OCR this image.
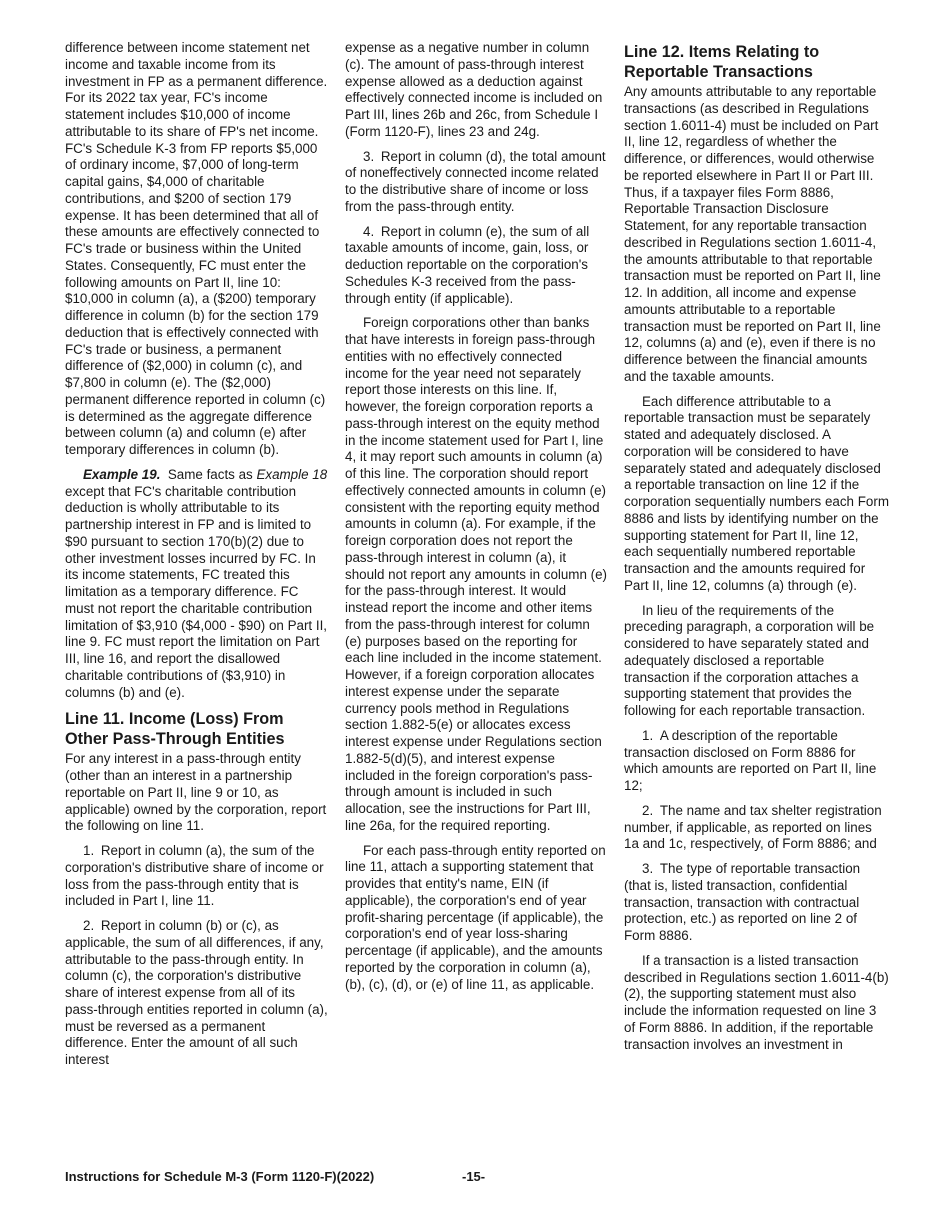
difference between income statement net income and taxable income from its investment in FP as a permanent difference. For its 2022 tax year, FC's income statement includes $10,000 of income attributable to its share of FP's net income. FC's Schedule K-3 from FP reports $5,000 of ordinary income, $7,000 of long-term capital gains, $4,000 of charitable contributions, and $200 of section 179 expense. It has been determined that all of these amounts are effectively connected to FC's trade or business within the United States. Consequently, FC must enter the following amounts on Part II, line 10: $10,000 in column (a), a ($200) temporary difference in column (b) for the section 179 deduction that is effectively connected with FC's trade or business, a permanent difference of ($2,000) in column (c), and $7,800 in column (e). The ($2,000) permanent difference reported in column (c) is determined as the aggregate difference between column (a) and column (e) after temporary differences in column (b).

Example 19. Same facts as Example 18 except that FC's charitable contribution deduction is wholly attributable to its partnership interest in FP and is limited to $90 pursuant to section 170(b)(2) due to other investment losses incurred by FC. In its income statements, FC treated this limitation as a temporary difference. FC must not report the charitable contribution limitation of $3,910 ($4,000 - $90) on Part II, line 9. FC must report the limitation on Part III, line 16, and report the disallowed charitable contributions of ($3,910) in columns (b) and (e).

Line 11. Income (Loss) From Other Pass-Through Entities

For any interest in a pass-through entity (other than an interest in a partnership reportable on Part II, line 9 or 10, as applicable) owned by the corporation, report the following on line 11.

1. Report in column (a), the sum of the corporation's distributive share of income or loss from the pass-through entity that is included in Part I, line 11.

2. Report in column (b) or (c), as applicable, the sum of all differences, if any, attributable to the pass-through entity. In column (c), the corporation's distributive share of interest expense from all of its pass-through entities reported in column (a), must be reversed as a permanent difference. Enter the amount of all such interest

expense as a negative number in column (c). The amount of pass-through interest expense allowed as a deduction against effectively connected income is included on Part III, lines 26b and 26c, from Schedule I (Form 1120-F), lines 23 and 24g.

3. Report in column (d), the total amount of noneffectively connected income related to the distributive share of income or loss from the pass-through entity.

4. Report in column (e), the sum of all taxable amounts of income, gain, loss, or deduction reportable on the corporation's Schedules K-3 received from the pass-through entity (if applicable).

Foreign corporations other than banks that have interests in foreign pass-through entities with no effectively connected income for the year need not separately report those interests on this line. If, however, the foreign corporation reports a pass-through interest on the equity method in the income statement used for Part I, line 4, it may report such amounts in column (a) of this line. The corporation should report effectively connected amounts in column (e) consistent with the reporting equity method amounts in column (a). For example, if the foreign corporation does not report the pass-through interest in column (a), it should not report any amounts in column (e) for the pass-through interest. It would instead report the income and other items from the pass-through interest for column (e) purposes based on the reporting for each line included in the income statement. However, if a foreign corporation allocates interest expense under the separate currency pools method in Regulations section 1.882-5(e) or allocates excess interest expense under Regulations section 1.882-5(d)(5), and interest expense included in the foreign corporation's pass-through amount is included in such allocation, see the instructions for Part III, line 26a, for the required reporting.

For each pass-through entity reported on line 11, attach a supporting statement that provides that entity's name, EIN (if applicable), the corporation's end of year profit-sharing percentage (if applicable), the corporation's end of year loss-sharing percentage (if applicable), and the amounts reported by the corporation in column (a), (b), (c), (d), or (e) of line 11, as applicable.

Line 12. Items Relating to Reportable Transactions

Any amounts attributable to any reportable transactions (as described in Regulations section 1.6011-4) must be included on Part II, line 12, regardless of whether the difference, or differences, would otherwise be reported elsewhere in Part II or Part III. Thus, if a taxpayer files Form 8886, Reportable Transaction Disclosure Statement, for any reportable transaction described in Regulations section 1.6011-4, the amounts attributable to that reportable transaction must be reported on Part II, line 12. In addition, all income and expense amounts attributable to a reportable transaction must be reported on Part II, line 12, columns (a) and (e), even if there is no difference between the financial amounts and the taxable amounts.

Each difference attributable to a reportable transaction must be separately stated and adequately disclosed. A corporation will be considered to have separately stated and adequately disclosed a reportable transaction on line 12 if the corporation sequentially numbers each Form 8886 and lists by identifying number on the supporting statement for Part II, line 12, each sequentially numbered reportable transaction and the amounts required for Part II, line 12, columns (a) through (e).

In lieu of the requirements of the preceding paragraph, a corporation will be considered to have separately stated and adequately disclosed a reportable transaction if the corporation attaches a supporting statement that provides the following for each reportable transaction.

1. A description of the reportable transaction disclosed on Form 8886 for which amounts are reported on Part II, line 12;

2. The name and tax shelter registration number, if applicable, as reported on lines 1a and 1c, respectively, of Form 8886; and

3. The type of reportable transaction (that is, listed transaction, confidential transaction, transaction with contractual protection, etc.) as reported on line 2 of Form 8886.

If a transaction is a listed transaction described in Regulations section 1.6011-4(b)(2), the supporting statement must also include the information requested on line 3 of Form 8886. In addition, if the reportable transaction involves an investment in

Instructions for Schedule M-3 (Form 1120-F)(2022)	-15-
